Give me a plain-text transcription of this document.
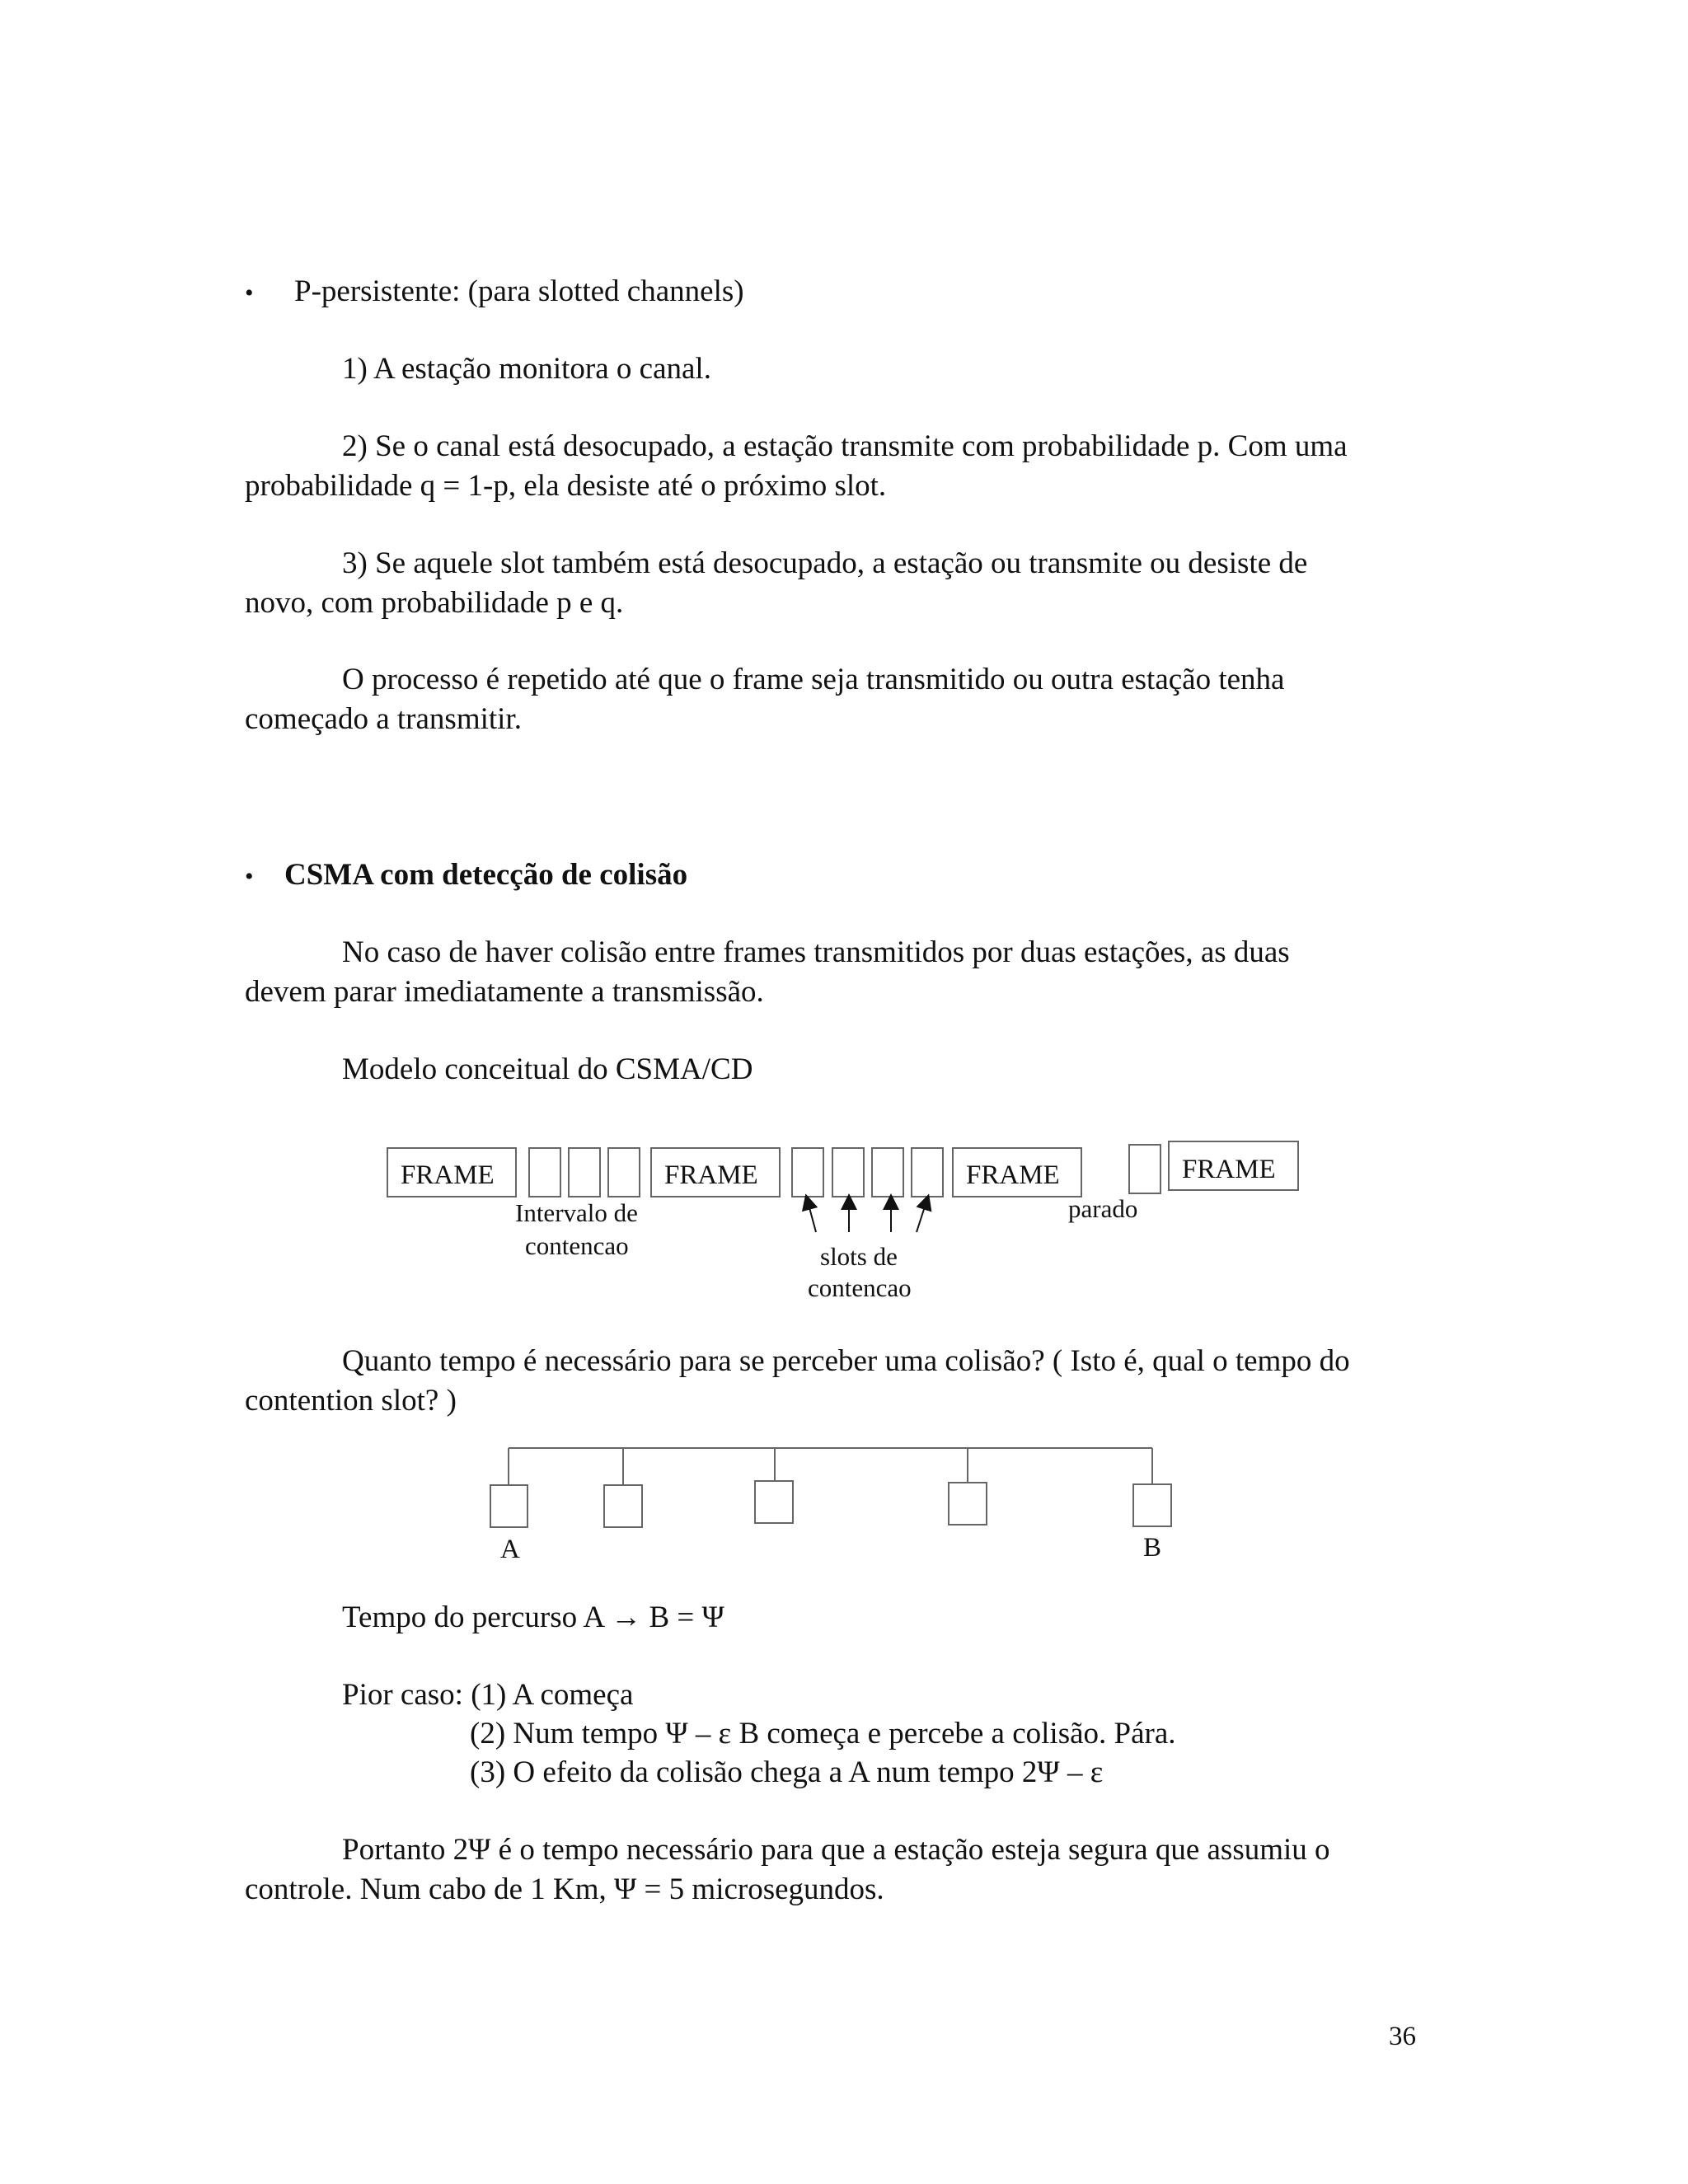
• P-persistente: (para slotted channels)
1) A estação monitora o canal.
2) Se o canal está desocupado, a estação transmite com probabilidade p. Com uma
probabilidade q = 1-p, ela desiste até o próximo slot.
3) Se aquele slot também está desocupado, a estação ou transmite ou desiste de
novo, com probabilidade p e q.
O processo é repetido até que o frame seja transmitido ou outra estação tenha
começado a transmitir.
• CSMA com detecção de colisão
No caso de haver colisão entre frames transmitidos por duas estações, as duas
devem parar imediatamente a transmissão.
Modelo conceitual do CSMA/CD
FRAME	FRAME	FRAME	FRAME
Intervalo de
contencao	slots de
contencao
parado
Quanto tempo é necessário para se perceber uma colisão? ( Isto é, qual o tempo do
contention slot? )
A	B
Tempo do percurso A → B = Ψ
Pior caso: (1) A começa
(2) Num tempo Ψ – ε B começa e percebe a colisão. Pára.
(3) O efeito da colisão chega a A num tempo 2Ψ – ε
Portanto 2Ψ é o tempo necessário para que a estação esteja segura que assumiu o
controle. Num cabo de 1 Km, Ψ = 5 microsegundos.
36
